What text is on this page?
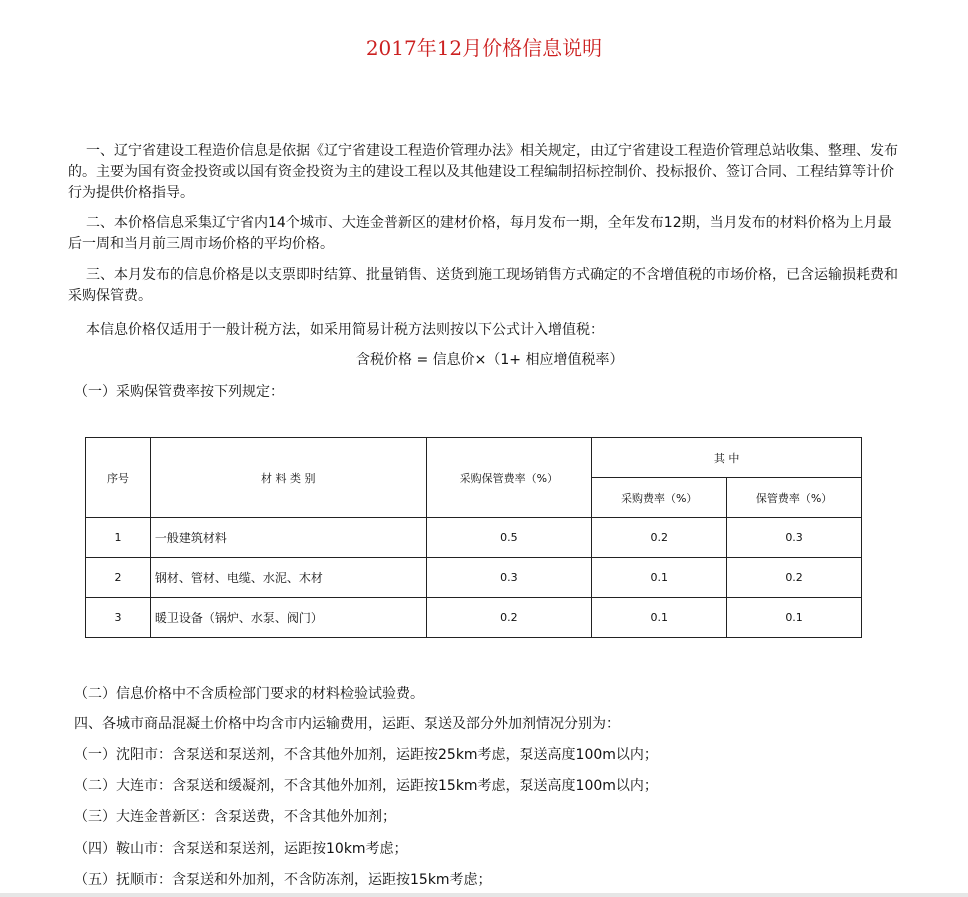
2017年12月价格信息说明

一、辽宁省建设工程造价信息是依据《辽宁省建设工程造价管理办法》相关规定，由辽宁省建设工程造价管理总站收集、整理、发布的。主要为国有资金投资或以国有资金投资为主的建设工程以及其他建设工程编制招标控制价、投标报价、签订合同、工程结算等计价行为提供价格指导。

二、本价格信息采集辽宁省内14个城市、大连金普新区的建材价格，每月发布一期，全年发布12期，当月发布的材料价格为上月最后一周和当月前三周市场价格的平均价格。

三、本月发布的信息价格是以支票即时结算、批量销售、送货到施工现场销售方式确定的不含增值税的市场价格，已含运输损耗费和采购保管费。

本信息价格仅适用于一般计税方法，如采用简易计税方法则按以下公式计入增值税：
含税价格 = 信息价×（1+ 相应增值税率）
（一）采购保管费率按下列规定：
序号	材 料 类 别	采购保管费率（%）	其 中	
			采购费率（%）	保管费率（%）
1	一般建筑材料	0.5	0.2	0.3
2	钢材、管材、电缆、水泥、木材	0.3	0.1	0.2
3	暖卫设备（锅炉、水泵、阀门）	0.2	0.1	0.1
（二）信息价格中不含质检部门要求的材料检验试验费。
四、各城市商品混凝土价格中均含市内运输费用，运距、泵送及部分外加剂情况分别为：
（一）沈阳市：含泵送和泵送剂，不含其他外加剂，运距按25km考虑，泵送高度100m以内；
（二）大连市：含泵送和缓凝剂，不含其他外加剂，运距按15km考虑，泵送高度100m以内；
（三）大连金普新区：含泵送费，不含其他外加剂；
（四）鞍山市：含泵送和泵送剂，运距按10km考虑；
（五）抚顺市：含泵送和外加剂，不含防冻剂，运距按15km考虑；
